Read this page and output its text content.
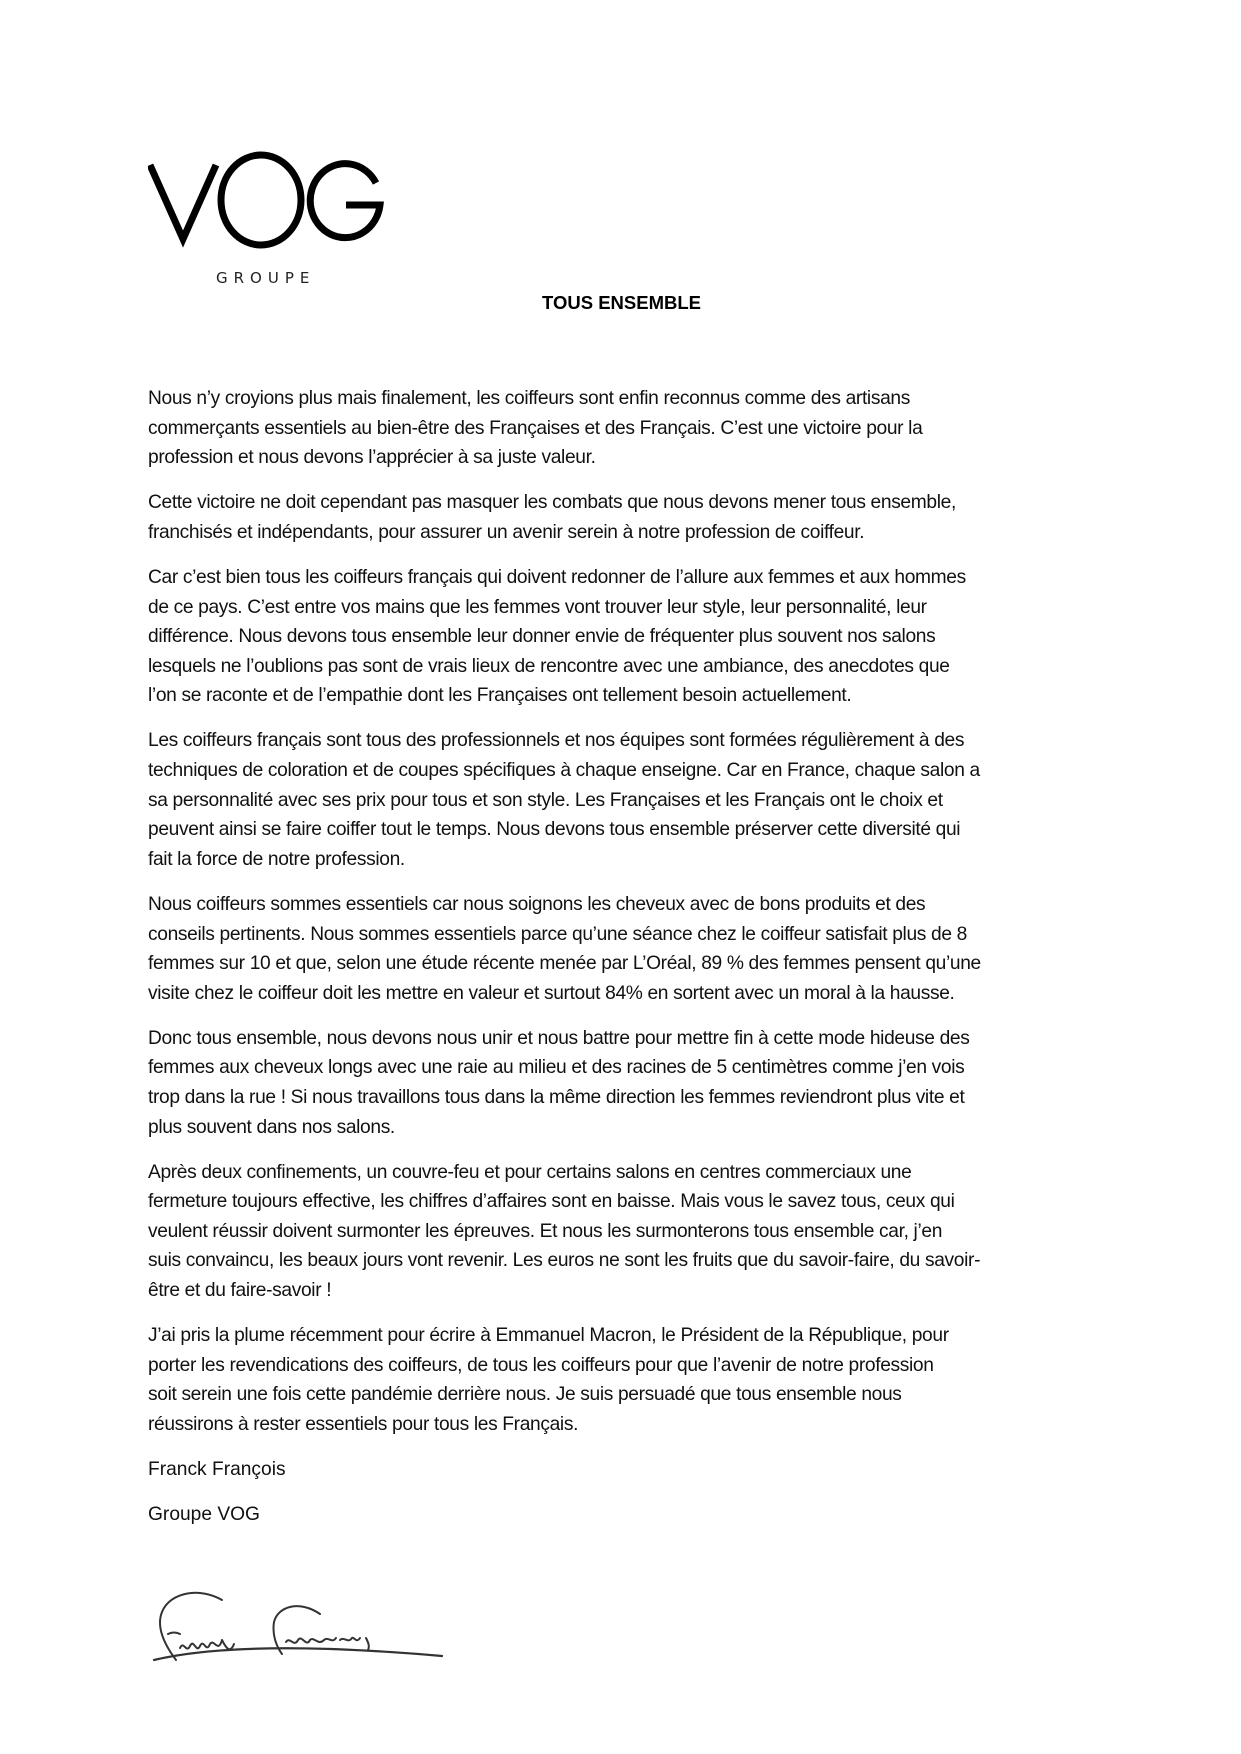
GROUPE
TOUS ENSEMBLE

Nous n’y croyions plus mais finalement, les coiffeurs sont enfin reconnus comme des artisans
commerçants essentiels au bien-être des Françaises et des Français. C’est une victoire pour la
profession et nous devons l’apprécier à sa juste valeur.

Cette victoire ne doit cependant pas masquer les combats que nous devons mener tous ensemble,
franchisés et indépendants, pour assurer un avenir serein à notre profession de coiffeur.

Car c’est bien tous les coiffeurs français qui doivent redonner de l’allure aux femmes et aux hommes
de ce pays. C’est entre vos mains que les femmes vont trouver leur style, leur personnalité, leur
différence. Nous devons tous ensemble leur donner envie de fréquenter plus souvent nos salons
lesquels ne l’oublions pas sont de vrais lieux de rencontre avec une ambiance, des anecdotes que
l’on se raconte et de l’empathie dont les Françaises ont tellement besoin actuellement.

Les coiffeurs français sont tous des professionnels et nos équipes sont formées régulièrement à des
techniques de coloration et de coupes spécifiques à chaque enseigne. Car en France, chaque salon a
sa personnalité avec ses prix pour tous et son style. Les Françaises et les Français ont le choix et
peuvent ainsi se faire coiffer tout le temps. Nous devons tous ensemble préserver cette diversité qui
fait la force de notre profession.

Nous coiffeurs sommes essentiels car nous soignons les cheveux avec de bons produits et des
conseils pertinents. Nous sommes essentiels parce qu’une séance chez le coiffeur satisfait plus de 8
femmes sur 10 et que, selon une étude récente menée par L’Oréal, 89 % des femmes pensent qu’une
visite chez le coiffeur doit les mettre en valeur et surtout 84% en sortent avec un moral à la hausse.

Donc tous ensemble, nous devons nous unir et nous battre pour mettre fin à cette mode hideuse des
femmes aux cheveux longs avec une raie au milieu et des racines de 5 centimètres comme j’en vois
trop dans la rue ! Si nous travaillons tous dans la même direction les femmes reviendront plus vite et
plus souvent dans nos salons.

Après deux confinements, un couvre-feu et pour certains salons en centres commerciaux une
fermeture toujours effective, les chiffres d’affaires sont en baisse. Mais vous le savez tous, ceux qui
veulent réussir doivent surmonter les épreuves. Et nous les surmonterons tous ensemble car, j’en
suis convaincu, les beaux jours vont revenir. Les euros ne sont les fruits que du savoir-faire, du savoir-
être et du faire-savoir !

J’ai pris la plume récemment pour écrire à Emmanuel Macron, le Président de la République, pour
porter les revendications des coiffeurs, de tous les coiffeurs pour que l’avenir de notre profession
soit serein une fois cette pandémie derrière nous. Je suis persuadé que tous ensemble nous
réussirons à rester essentiels pour tous les Français.

Franck François

Groupe VOG
